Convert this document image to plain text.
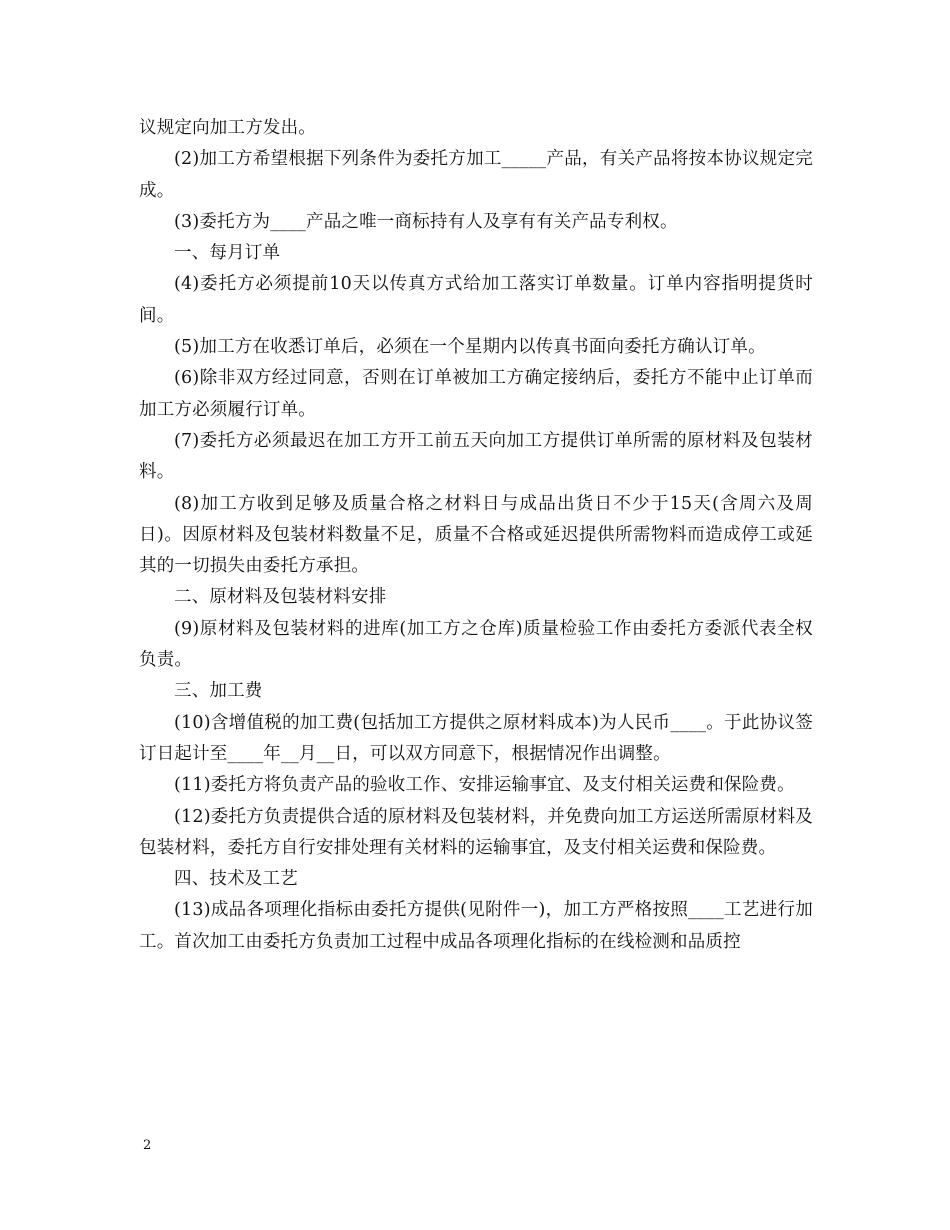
议规定向加工方发出。

(2)加工方希望根据下列条件为委托方加工_____产品，有关产品将按本协议规定完成。

(3)委托方为____产品之唯一商标持有人及享有有关产品专利权。

一、每月订单

(4)委托方必须提前10天以传真方式给加工落实订单数量。订单内容指明提货时间。

(5)加工方在收悉订单后，必须在一个星期内以传真书面向委托方确认订单。

(6)除非双方经过同意，否则在订单被加工方确定接纳后，委托方不能中止订单而加工方必须履行订单。

(7)委托方必须最迟在加工方开工前五天向加工方提供订单所需的原材料及包装材料。

(8)加工方收到足够及质量合格之材料日与成品出货日不少于15天(含周六及周日)。因原材料及包装材料数量不足，质量不合格或延迟提供所需物料而造成停工或延其的一切损失由委托方承担。

二、原材料及包装材料安排

(9)原材料及包装材料的进库(加工方之仓库)质量检验工作由委托方委派代表全权负责。

三、加工费

(10)含增值税的加工费(包括加工方提供之原材料成本)为人民币____。于此协议签订日起计至____年__月__日，可以双方同意下，根据情况作出调整。

(11)委托方将负责产品的验收工作、安排运输事宜、及支付相关运费和保险费。

(12)委托方负责提供合适的原材料及包装材料，并免费向加工方运送所需原材料及包装材料，委托方自行安排处理有关材料的运输事宜，及支付相关运费和保险费。

四、技术及工艺

(13)成品各项理化指标由委托方提供(见附件一)，加工方严格按照____工艺进行加工。首次加工由委托方负责加工过程中成品各项理化指标的在线检测和品质控

2
